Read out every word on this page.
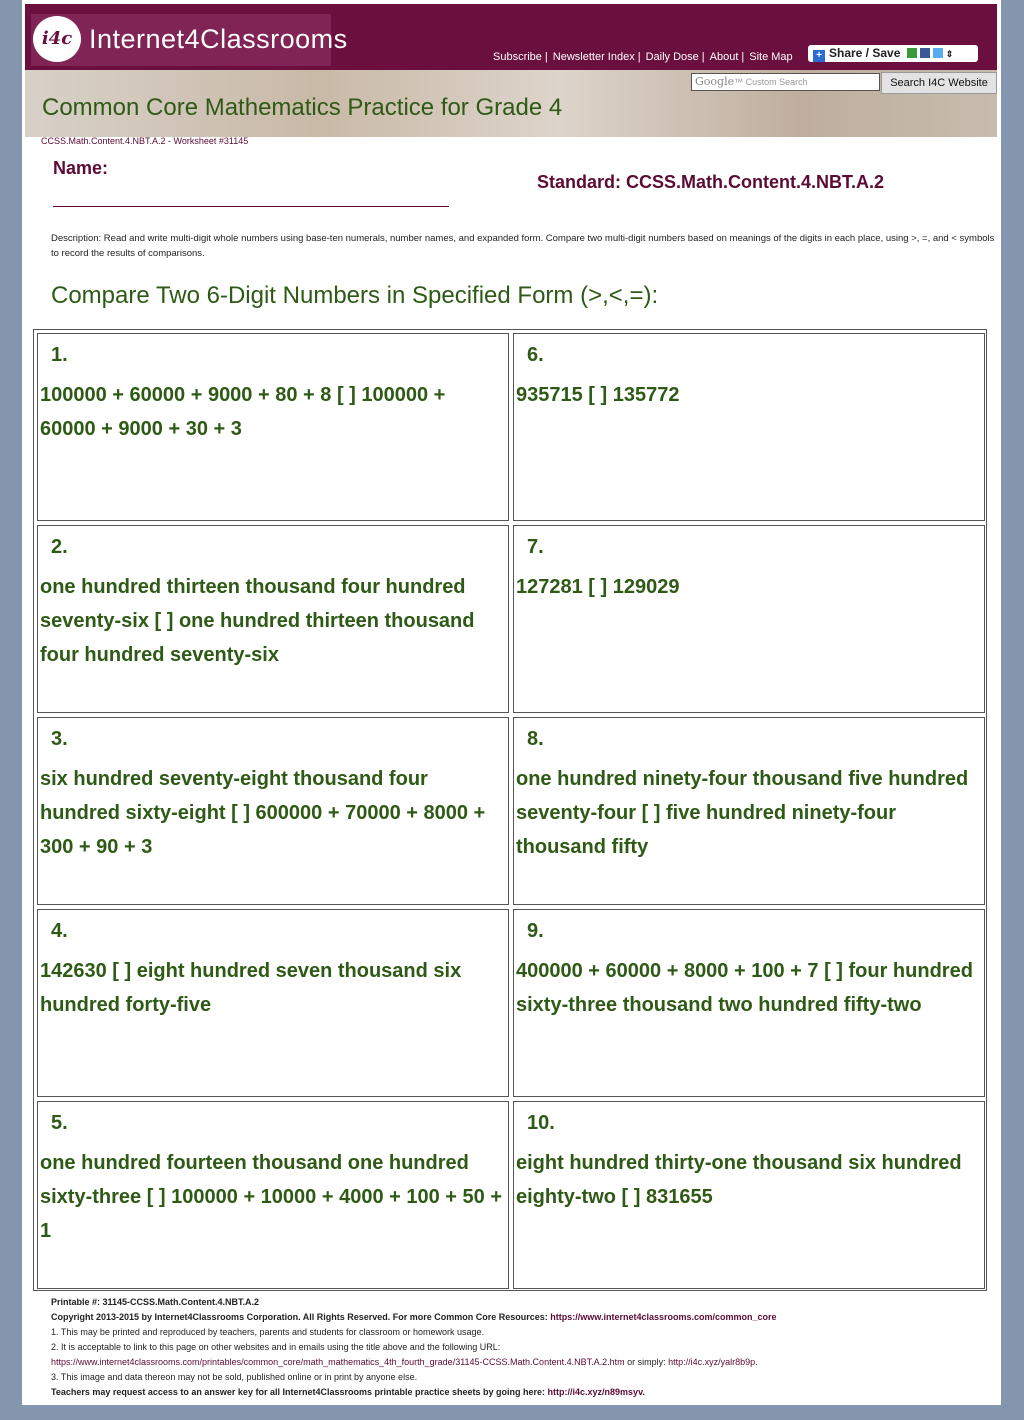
i4c Internet4Classrooms
Subscribe | Newsletter Index | Daily Dose | About | Site Map	+ Share / Save	⇕
Google™ Custom Search	Search I4C Website
Common Core Mathematics Practice for Grade 4
CCSS.Math.Content.4.NBT.A.2 - Worksheet #31145
Name:
Standard: CCSS.Math.Content.4.NBT.A.2
Description: Read and write multi-digit whole numbers using base-ten numerals, number names, and expanded form. Compare two multi-digit numbers based on meanings of the digits in each place, using >, =, and < symbols to record the results of comparisons.
Compare Two 6-Digit Numbers in Specified Form (>,<,=):
1.
100000 + 60000 + 9000 + 80 + 8 [ ] 100000 + 60000 + 9000 + 30 + 3
6.
935715 [ ] 135772
2.
one hundred thirteen thousand four hundred seventy-six [ ] one hundred thirteen thousand four hundred seventy-six
7.
127281 [ ] 129029
3.
six hundred seventy-eight thousand four hundred sixty-eight [ ] 600000 + 70000 + 8000 + 300 + 90 + 3
8.
one hundred ninety-four thousand five hundred seventy-four [ ] five hundred ninety-four thousand fifty
4.
142630 [ ] eight hundred seven thousand six hundred forty-five
9.
400000 + 60000 + 8000 + 100 + 7 [ ] four hundred sixty-three thousand two hundred fifty-two
5.
one hundred fourteen thousand one hundred sixty-three [ ] 100000 + 10000 + 4000 + 100 + 50 + 1
10.
eight hundred thirty-one thousand six hundred eighty-two [ ] 831655
Printable #: 31145-CCSS.Math.Content.4.NBT.A.2
Copyright 2013-2015 by Internet4Classrooms Corporation. All Rights Reserved. For more Common Core Resources: https://www.internet4classrooms.com/common_core
1. This may be printed and reproduced by teachers, parents and students for classroom or homework usage.
2. It is acceptable to link to this page on other websites and in emails using the title above and the following URL:
https://www.internet4classrooms.com/printables/common_core/math_mathematics_4th_fourth_grade/31145-CCSS.Math.Content.4.NBT.A.2.htm or simply: http://i4c.xyz/yalr8b9p.
3. This image and data thereon may not be sold, published online or in print by anyone else.
Teachers may request access to an answer key for all Internet4Classrooms printable practice sheets by going here: http://i4c.xyz/n89msyv.
